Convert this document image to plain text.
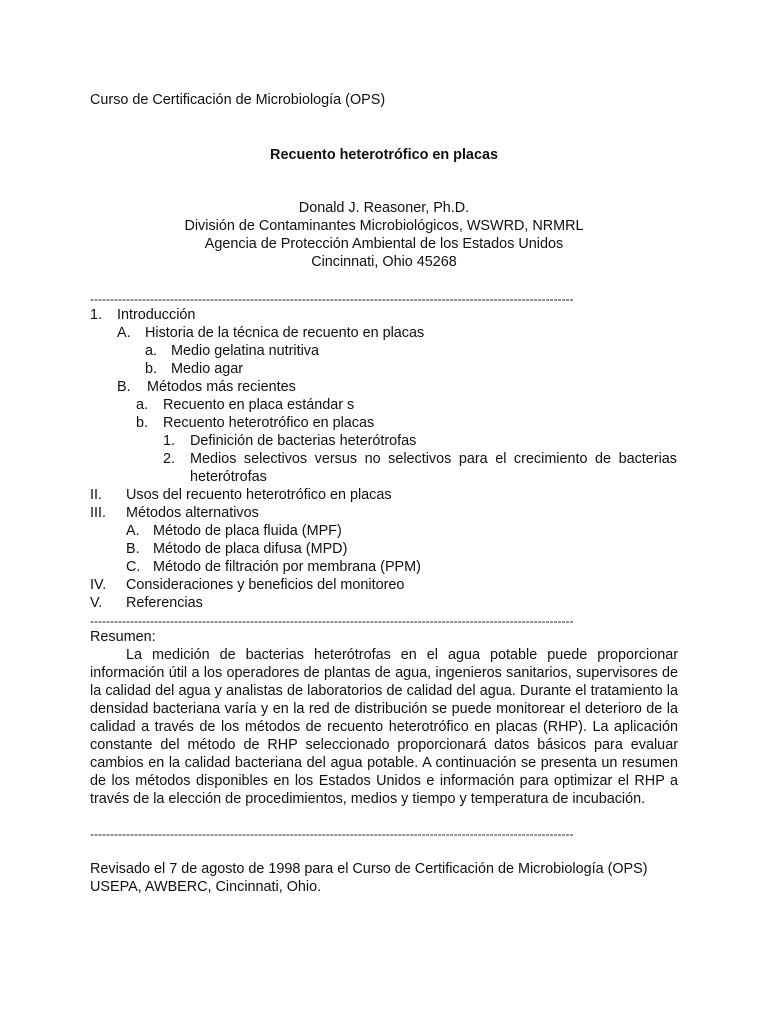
Curso de Certificación de Microbiología (OPS)
Recuento heterotrófico en placas
Donald J. Reasoner, Ph.D.
División de Contaminantes Microbiológicos, WSWRD, NRMRL
Agencia de Protección Ambiental de los Estados Unidos
Cincinnati, Ohio 45268
-------------------------------------------------------------------------------------------------------------------------
1. Introducción
A. Historia de la técnica de recuento en placas
a. Medio gelatina nutritiva
b. Medio agar
B. Métodos más recientes
a. Recuento en placa estándar s
b. Recuento heterotrófico en placas
1. Definición de bacterias heterótrofas
2. Medios selectivos versus no selectivos para el crecimiento de bacterias heterótrofas
II. Usos del recuento heterotrófico en placas
III. Métodos alternativos
A. Método de placa fluida (MPF)
B. Método de placa difusa (MPD)
C. Método de filtración por membrana (PPM)
IV. Consideraciones y beneficios del monitoreo
V. Referencias
-------------------------------------------------------------------------------------------------------------------------
Resumen:
La medición de bacterias heterótrofas en el agua potable puede proporcionar información útil a los operadores de plantas de agua, ingenieros sanitarios, supervisores de la calidad del agua y analistas de laboratorios de calidad del agua. Durante el tratamiento la densidad bacteriana varía y en la red de distribución se puede monitorear el deterioro de la calidad a través de los métodos de recuento heterotrófico en placas (RHP). La aplicación constante del método de RHP seleccionado proporcionará datos básicos para evaluar cambios en la calidad bacteriana del agua potable. A continuación se presenta un resumen de los métodos disponibles en los Estados Unidos e información para optimizar el RHP a través de la elección de procedimientos, medios y tiempo y temperatura de incubación.
-------------------------------------------------------------------------------------------------------------------------
Revisado el 7 de agosto de 1998 para el Curso de Certificación de Microbiología (OPS)
USEPA, AWBERC, Cincinnati, Ohio.
